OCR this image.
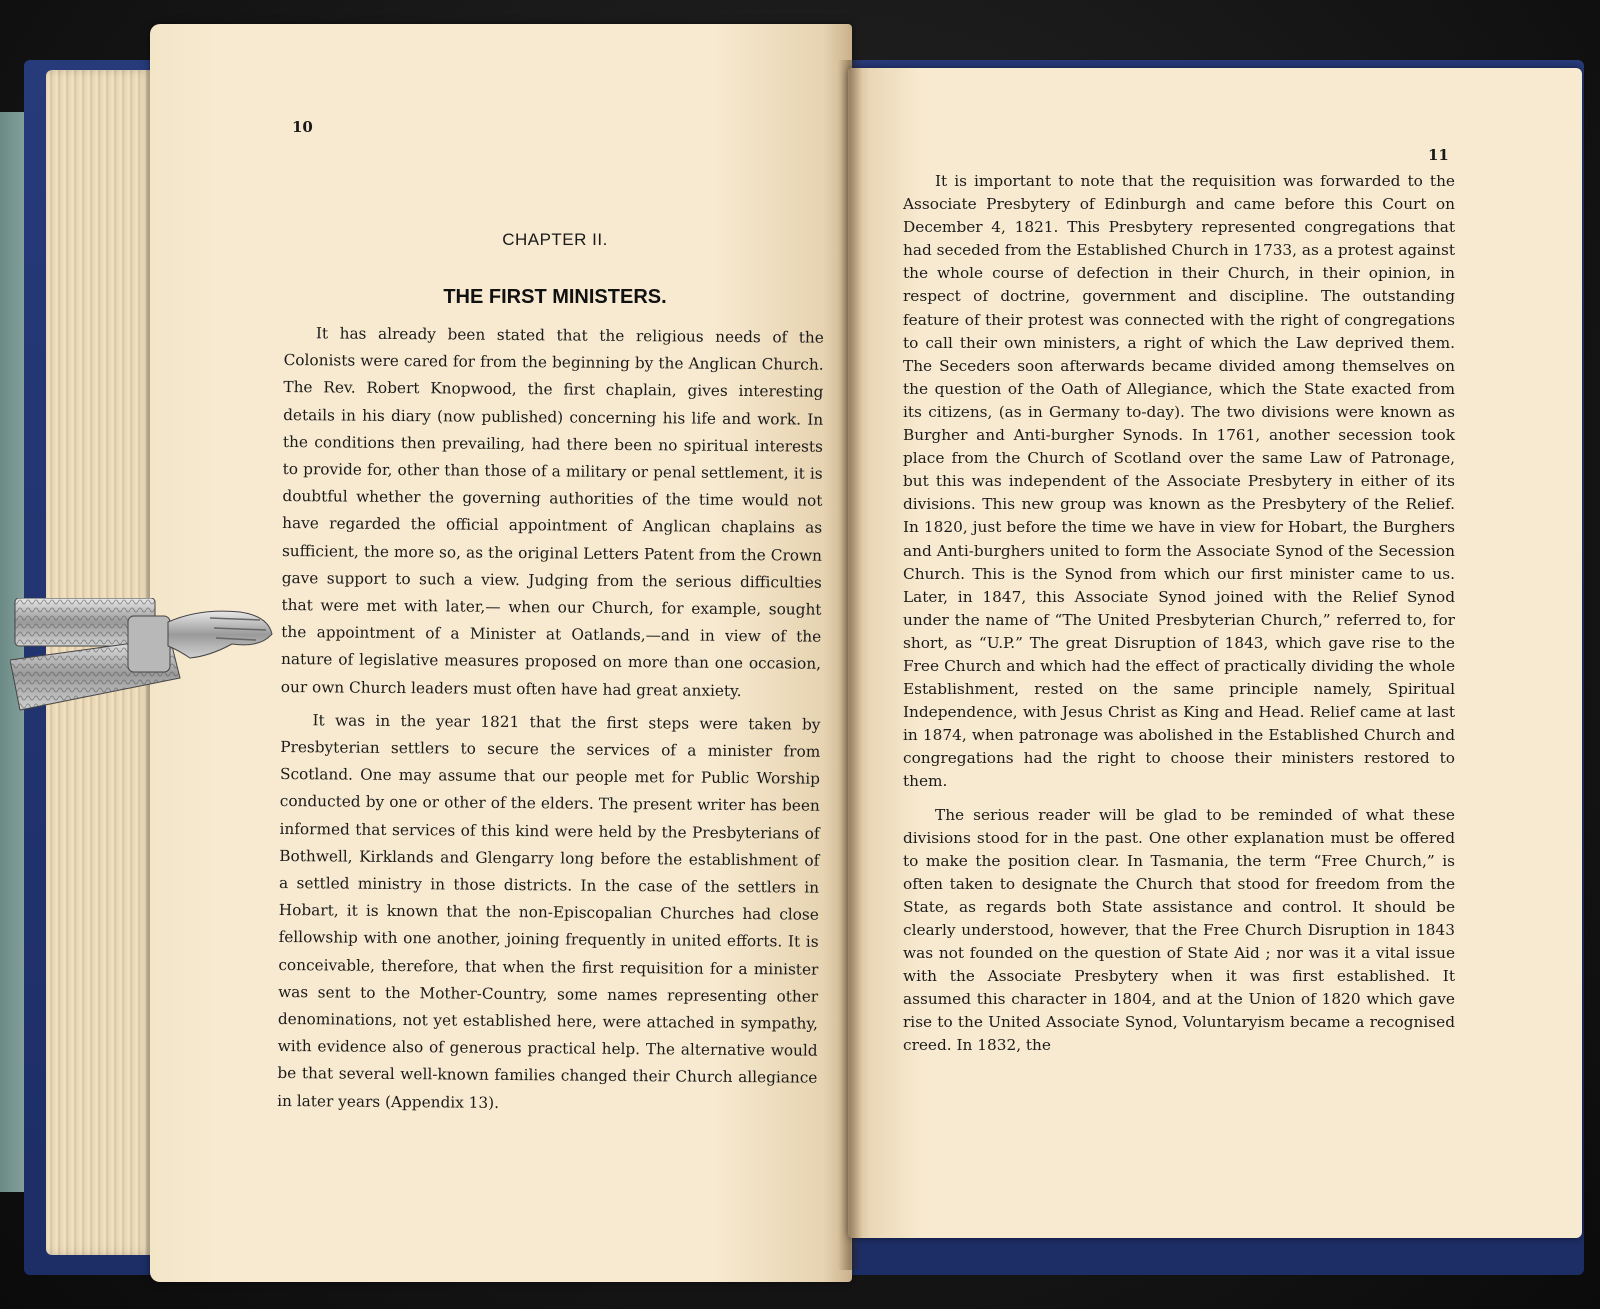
10
CHAPTER II.
THE FIRST MINISTERS.

It has already been stated that the religious needs of the Colonists were cared for from the beginning by the Anglican Church. The Rev. Robert Knopwood, the first chaplain, gives interesting details in his diary (now published) concerning his life and work. In the conditions then prevailing, had there been no spiritual interests to provide for, other than those of a military or penal settlement, it is doubtful whether the governing authorities of the time would not have regarded the official appointment of Anglican chaplains as sufficient, the more so, as the original Letters Patent from the Crown gave support to such a view. Judging from the serious difficulties that were met with later,— when our Church, for example, sought the appointment of a Minister at Oatlands,—and in view of the nature of legislative measures proposed on more than one occasion, our own Church leaders must often have had great anxiety.

It was in the year 1821 that the first steps were taken by Presbyterian settlers to secure the services of a minister from Scotland. One may assume that our people met for Public Worship conducted by one or other of the elders. The present writer has been informed that services of this kind were held by the Presbyterians of Bothwell, Kirklands and Glengarry long before the establishment of a settled ministry in those districts. In the case of the settlers in Hobart, it is known that the non-Episcopalian Churches had close fellowship with one another, joining frequently in united efforts. It is conceivable, therefore, that when the first requisition for a minister was sent to the Mother-Country, some names representing other denominations, not yet established here, were attached in sympathy, with evidence also of generous practical help. The alternative would be that several well-known families changed their Church allegiance in later years (Appendix 13).

11

It is important to note that the requisition was forwarded to the Associate Presbytery of Edinburgh and came before this Court on December 4, 1821. This Presbytery represented congregations that had seceded from the Established Church in 1733, as a protest against the whole course of defection in their Church, in their opinion, in respect of doctrine, government and discipline. The outstanding feature of their protest was connected with the right of congregations to call their own ministers, a right of which the Law deprived them. The Seceders soon afterwards became divided among themselves on the question of the Oath of Allegiance, which the State exacted from its citizens, (as in Germany to-day). The two divisions were known as Burgher and Anti-burgher Synods. In 1761, another secession took place from the Church of Scotland over the same Law of Patronage, but this was independent of the Associate Presbytery in either of its divisions. This new group was known as the Presbytery of the Relief. In 1820, just before the time we have in view for Hobart, the Burghers and Anti-burghers united to form the Associate Synod of the Secession Church. This is the Synod from which our first minister came to us. Later, in 1847, this Associate Synod joined with the Relief Synod under the name of “The United Presbyterian Church,” referred to, for short, as “U.P.” The great Disruption of 1843, which gave rise to the Free Church and which had the effect of practically dividing the whole Establishment, rested on the same principle namely, Spiritual Independence, with Jesus Christ as King and Head. Relief came at last in 1874, when patronage was abolished in the Established Church and congregations had the right to choose their ministers restored to them.

The serious reader will be glad to be reminded of what these divisions stood for in the past. One other explanation must be offered to make the position clear. In Tasmania, the term “Free Church,” is often taken to designate the Church that stood for freedom from the State, as regards both State assistance and control. It should be clearly understood, however, that the Free Church Disruption in 1843 was not founded on the question of State Aid ; nor was it a vital issue with the Associate Presbytery when it was first established. It assumed this character in 1804, and at the Union of 1820 which gave rise to the United Associate Synod, Voluntaryism became a recognised creed. In 1832, the
